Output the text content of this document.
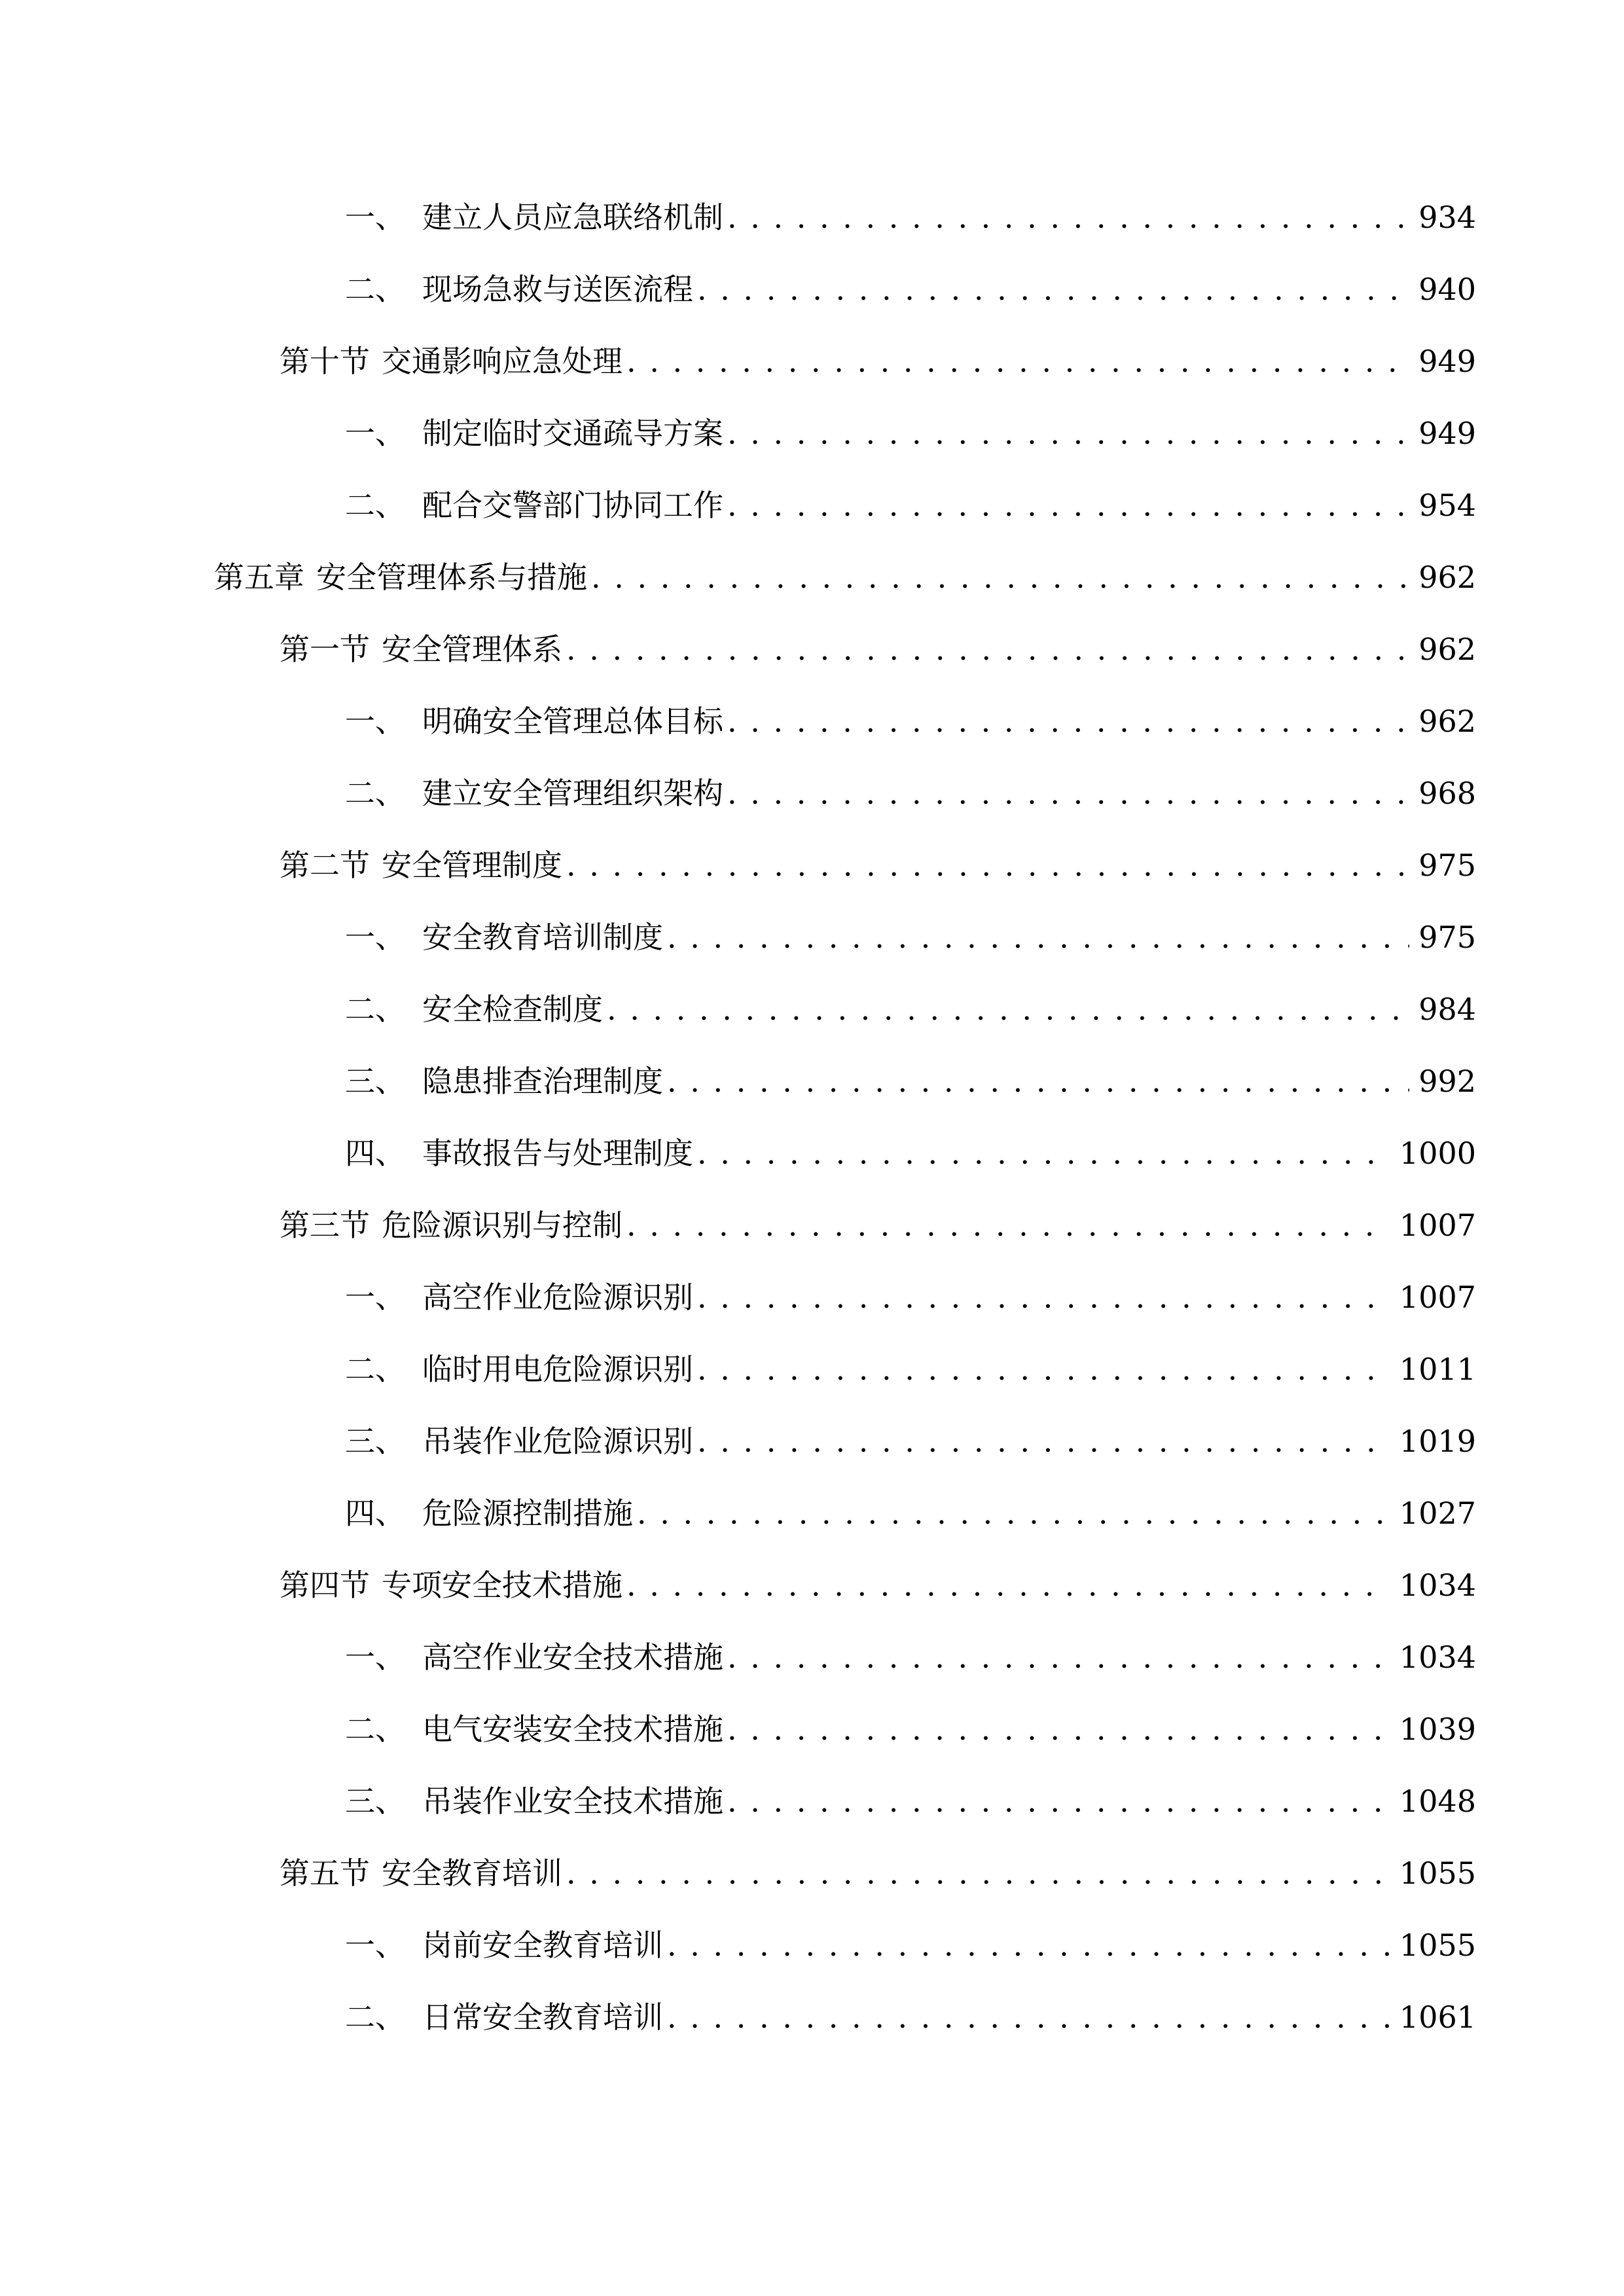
一、 建立人员应急联络机制 . . .	934
二、 现场急救与送医流程 . . .	940
第十节 交通影响应急处理 . . .	949
一、 制定临时交通疏导方案 . . .	949
二、 配合交警部门协同工作 . . .	954
第五章 安全管理体系与措施 . . .	962
第一节 安全管理体系 . . .	962
一、 明确安全管理总体目标 . . .	962
二、 建立安全管理组织架构 . . .	968
第二节 安全管理制度 . . .	975
一、 安全教育培训制度 . . .	975
二、 安全检查制度 . . .	984
三、 隐患排查治理制度 . . .	992
四、 事故报告与处理制度 . . .	1000
第三节 危险源识别与控制 . . .	1007
一、 高空作业危险源识别 . . .	1007
二、 临时用电危险源识别 . . .	1011
三、 吊装作业危险源识别 . . .	1019
四、 危险源控制措施 . . .	1027
第四节 专项安全技术措施 . . .	1034
一、 高空作业安全技术措施 . . .	1034
二、 电气安装安全技术措施 . . .	1039
三、 吊装作业安全技术措施 . . .	1048
第五节 安全教育培训 . . .	1055
一、 岗前安全教育培训 . . .	1055
二、 日常安全教育培训 . . .	1061
